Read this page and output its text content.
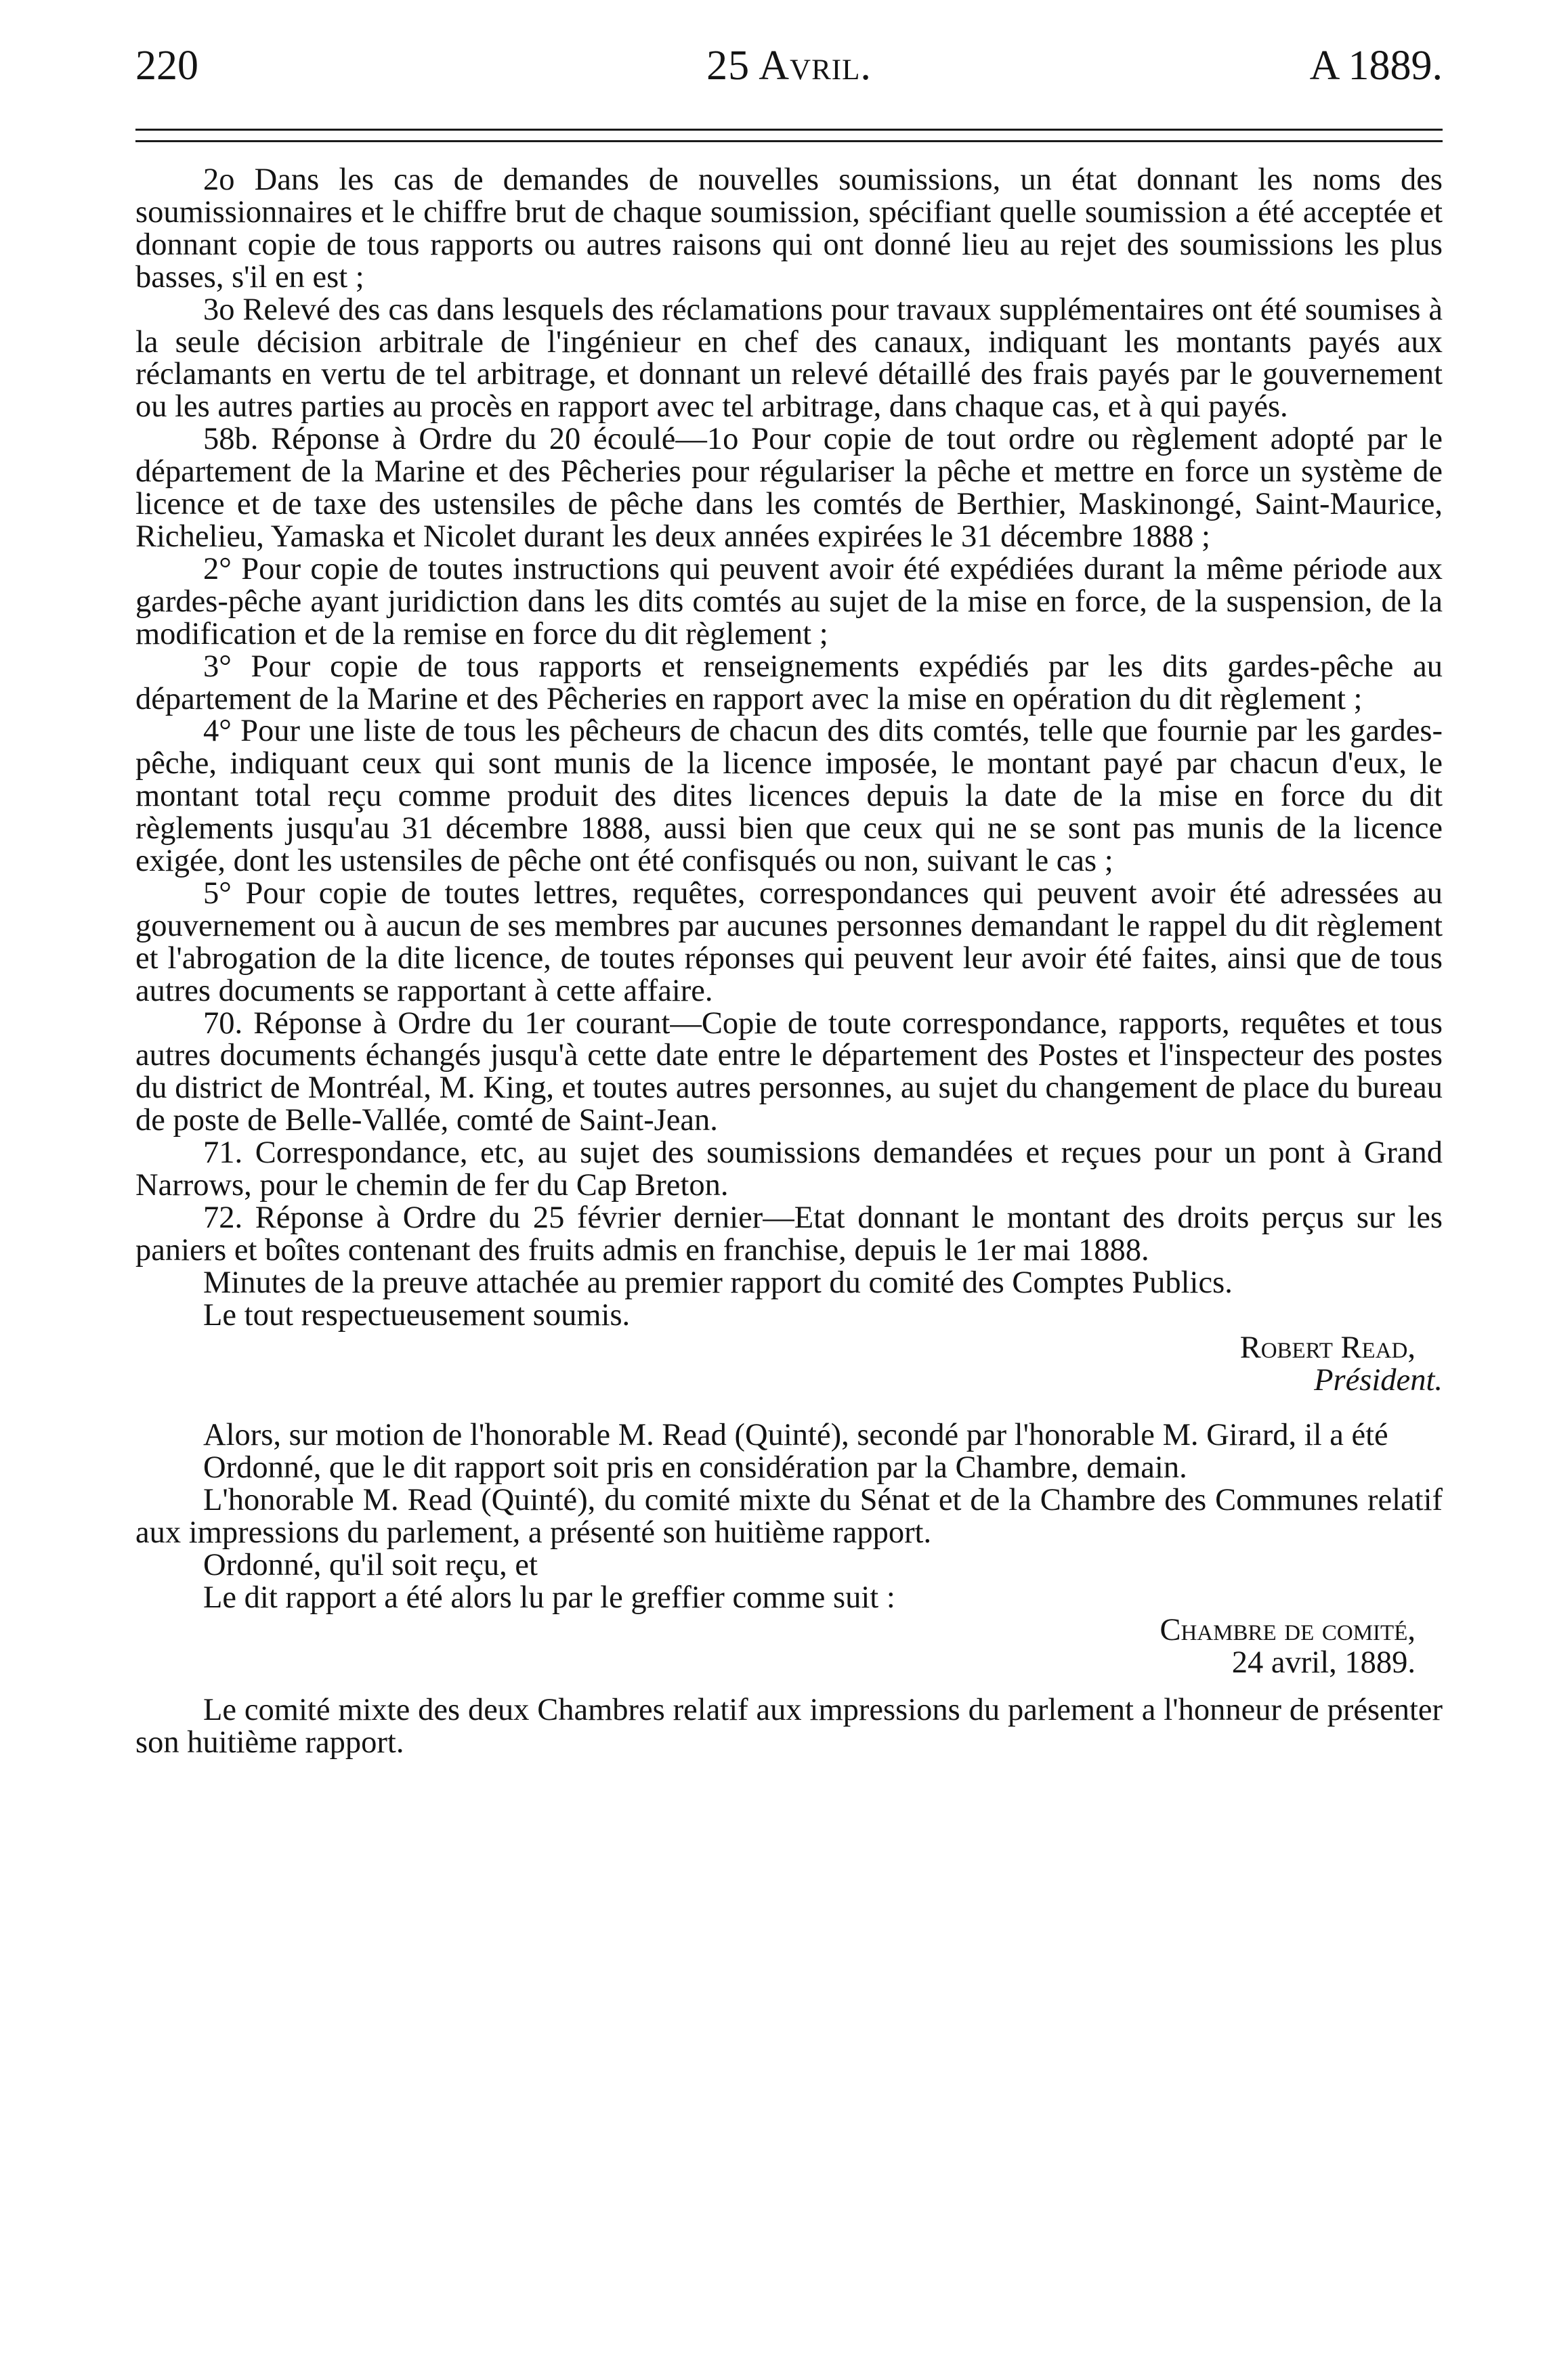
220	25 Avril.	A 1889.

2o Dans les cas de demandes de nouvelles soumissions, un état donnant les noms des soumissionnaires et le chiffre brut de chaque soumission, spécifiant quelle soumission a été acceptée et donnant copie de tous rapports ou autres raisons qui ont donné lieu au rejet des soumissions les plus basses, s'il en est ;

3o Relevé des cas dans lesquels des réclamations pour travaux supplémentaires ont été soumises à la seule décision arbitrale de l'ingénieur en chef des canaux, indiquant les montants payés aux réclamants en vertu de tel arbitrage, et donnant un relevé détaillé des frais payés par le gouvernement ou les autres parties au procès en rapport avec tel arbitrage, dans chaque cas, et à qui payés.

58b. Réponse à Ordre du 20 écoulé—1o Pour copie de tout ordre ou règlement adopté par le département de la Marine et des Pêcheries pour régulariser la pêche et mettre en force un système de licence et de taxe des ustensiles de pêche dans les comtés de Berthier, Maskinongé, Saint-Maurice, Richelieu, Yamaska et Nicolet durant les deux années expirées le 31 décembre 1888 ;

2° Pour copie de toutes instructions qui peuvent avoir été expédiées durant la même période aux gardes-pêche ayant juridiction dans les dits comtés au sujet de la mise en force, de la suspension, de la modification et de la remise en force du dit règlement ;

3° Pour copie de tous rapports et renseignements expédiés par les dits gardes-pêche au département de la Marine et des Pêcheries en rapport avec la mise en opération du dit règlement ;

4° Pour une liste de tous les pêcheurs de chacun des dits comtés, telle que fournie par les gardes-pêche, indiquant ceux qui sont munis de la licence imposée, le montant payé par chacun d'eux, le montant total reçu comme produit des dites licences depuis la date de la mise en force du dit règlements jusqu'au 31 décembre 1888, aussi bien que ceux qui ne se sont pas munis de la licence exigée, dont les ustensiles de pêche ont été confisqués ou non, suivant le cas ;

5° Pour copie de toutes lettres, requêtes, correspondances qui peuvent avoir été adressées au gouvernement ou à aucun de ses membres par aucunes personnes demandant le rappel du dit règlement et l'abrogation de la dite licence, de toutes réponses qui peuvent leur avoir été faites, ainsi que de tous autres documents se rapportant à cette affaire.

70. Réponse à Ordre du 1er courant—Copie de toute correspondance, rapports, requêtes et tous autres documents échangés jusqu'à cette date entre le département des Postes et l'inspecteur des postes du district de Montréal, M. King, et toutes autres personnes, au sujet du changement de place du bureau de poste de Belle-Vallée, comté de Saint-Jean.

71. Correspondance, etc, au sujet des soumissions demandées et reçues pour un pont à Grand Narrows, pour le chemin de fer du Cap Breton.

72. Réponse à Ordre du 25 février dernier—Etat donnant le montant des droits perçus sur les paniers et boîtes contenant des fruits admis en franchise, depuis le 1er mai 1888.

Minutes de la preuve attachée au premier rapport du comité des Comptes Publics.

Le tout respectueusement soumis.

Robert Read,

Président.

Alors, sur motion de l'honorable M. Read (Quinté), secondé par l'honorable M. Girard, il a été

Ordonné, que le dit rapport soit pris en considération par la Chambre, demain.

L'honorable M. Read (Quinté), du comité mixte du Sénat et de la Chambre des Communes relatif aux impressions du parlement, a présenté son huitième rapport.

Ordonné, qu'il soit reçu, et

Le dit rapport a été alors lu par le greffier comme suit :

Chambre de comité,

24 avril, 1889.

Le comité mixte des deux Chambres relatif aux impressions du parlement a l'honneur de présenter son huitième rapport.
